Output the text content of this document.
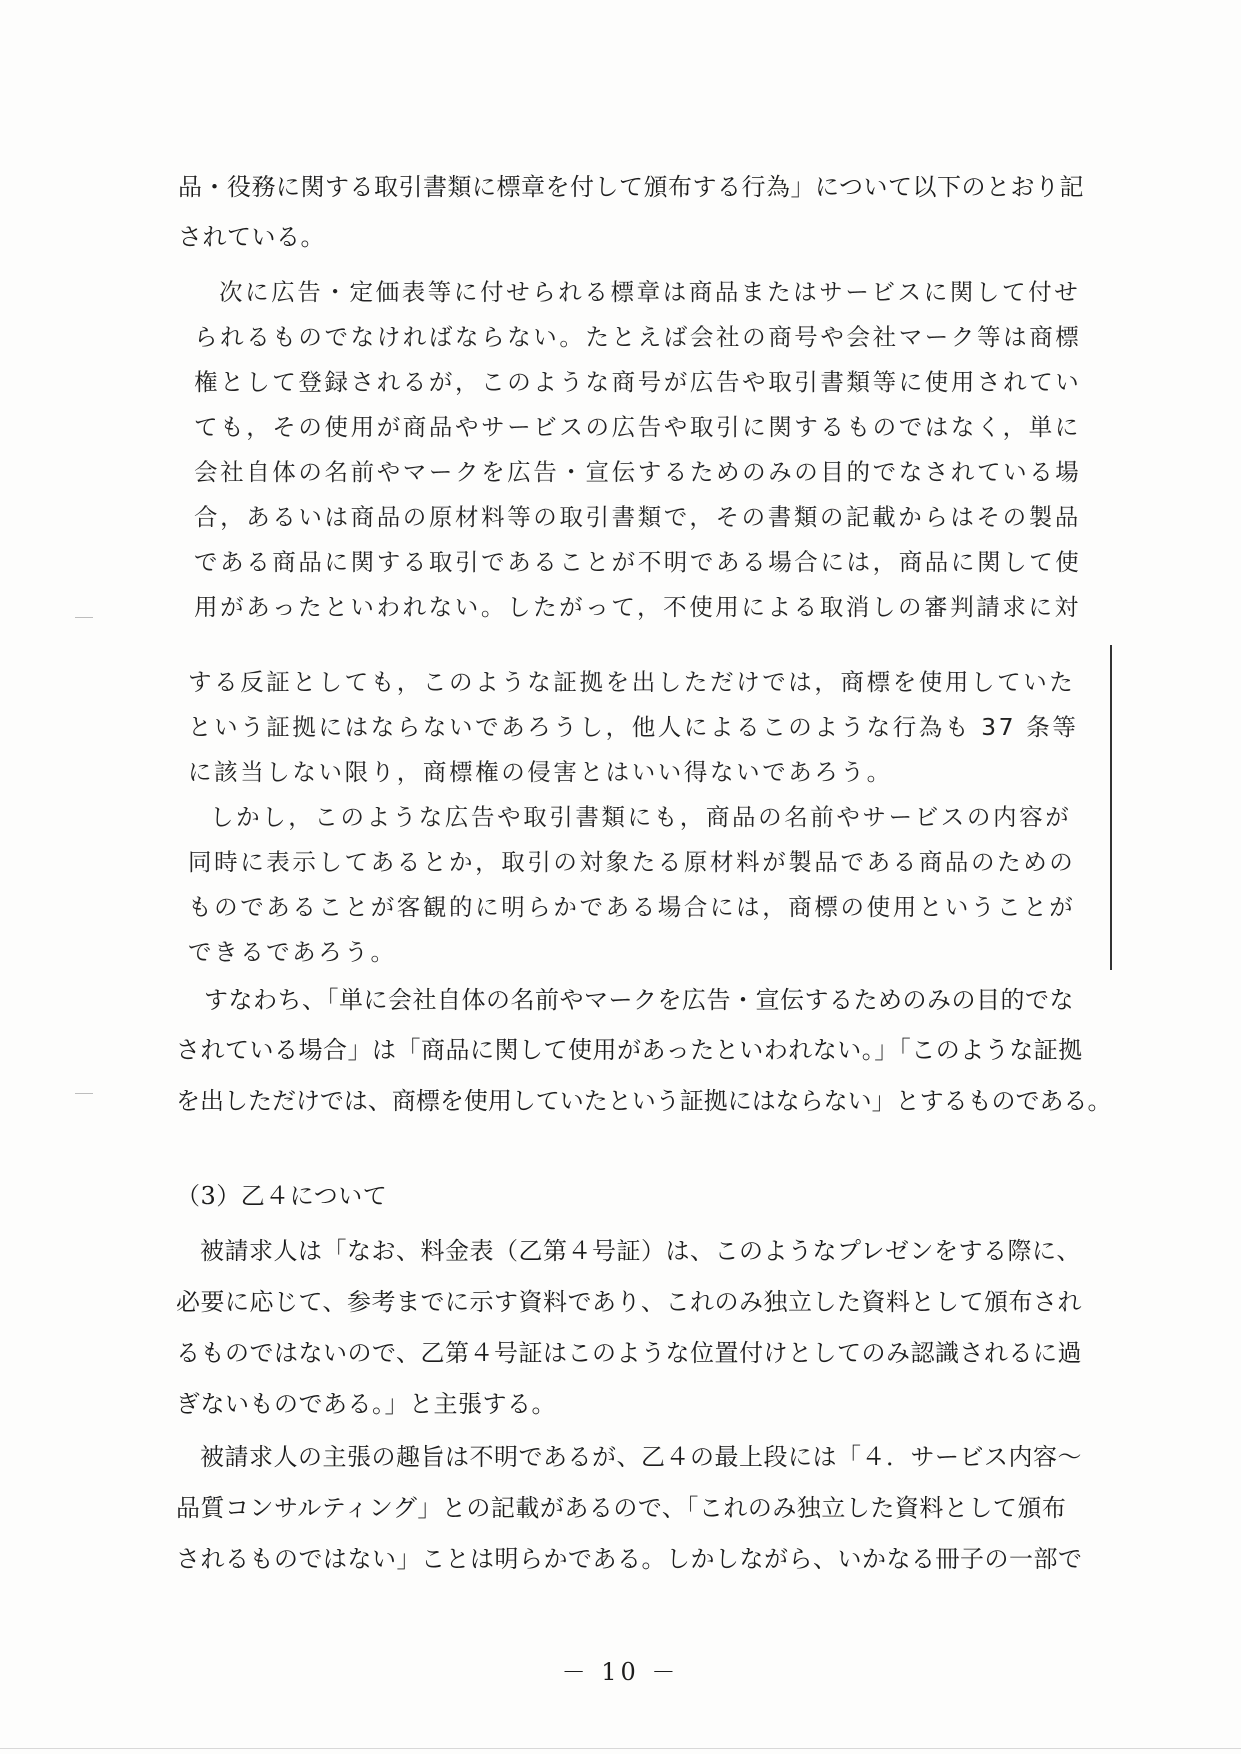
品・役務に関する取引書類に標章を付して頒布する行為」について以下のとおり記
されている。
次に広告・定価表等に付せられる標章は商品またはサービスに関して付せ
られるものでなければならない。たとえば会社の商号や会社マーク等は商標
権として登録されるが，このような商号が広告や取引書類等に使用されてい
ても，その使用が商品やサービスの広告や取引に関するものではなく，単に
会社自体の名前やマークを広告・宣伝するためのみの目的でなされている場
合，あるいは商品の原材料等の取引書類で，その書類の記載からはその製品
である商品に関する取引であることが不明である場合には，商品に関して使
用があったといわれない。したがって，不使用による取消しの審判請求に対
する反証としても，このような証拠を出しただけでは，商標を使用していた
という証拠にはならないであろうし，他人によるこのような行為も 37 条等
に該当しない限り，商標権の侵害とはいい得ないであろう。
しかし，このような広告や取引書類にも，商品の名前やサービスの内容が
同時に表示してあるとか，取引の対象たる原材料が製品である商品のための
ものであることが客観的に明らかである場合には，商標の使用ということが
できるであろう。
すなわち、「単に会社自体の名前やマークを広告・宣伝するためのみの目的でな
されている場合」は「商品に関して使用があったといわれない。」「このような証拠
を出しただけでは、商標を使用していたという証拠にはならない」とするものである。
（3）乙４について
被請求人は「なお、料金表（乙第４号証）は、このようなプレゼンをする際に、
必要に応じて、参考までに示す資料であり、これのみ独立した資料として頒布され
るものではないので、乙第４号証はこのような位置付けとしてのみ認識されるに過
ぎないものである。」と主張する。
被請求人の主張の趣旨は不明であるが、乙４の最上段には「４．サービス内容～
品質コンサルティング」との記載があるので、「これのみ独立した資料として頒布
されるものではない」ことは明らかである。しかしながら、いかなる冊子の一部で
－ 10 －
